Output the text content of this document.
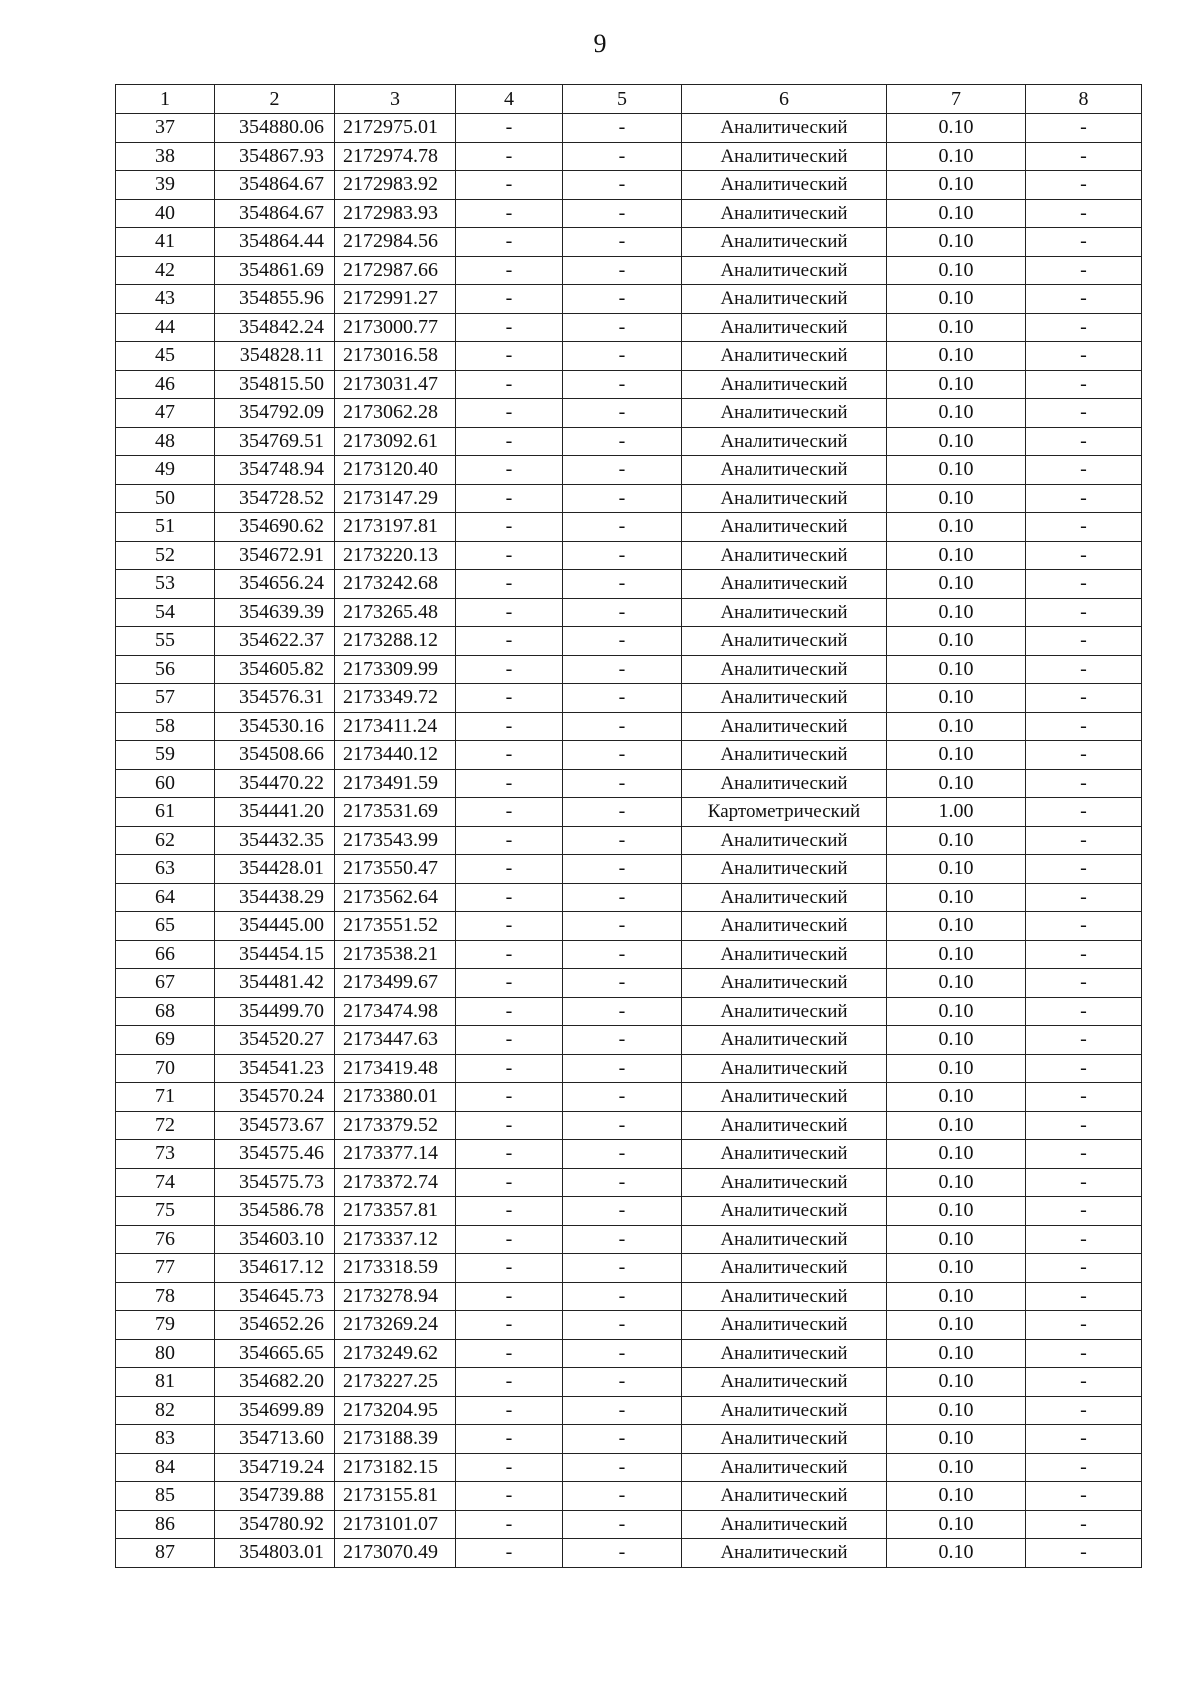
9
1	2	3	4	5	6	7	8
37	354880.06	2172975.01	-	-	Аналитический	0.10	-
38	354867.93	2172974.78	-	-	Аналитический	0.10	-
39	354864.67	2172983.92	-	-	Аналитический	0.10	-
40	354864.67	2172983.93	-	-	Аналитический	0.10	-
41	354864.44	2172984.56	-	-	Аналитический	0.10	-
42	354861.69	2172987.66	-	-	Аналитический	0.10	-
43	354855.96	2172991.27	-	-	Аналитический	0.10	-
44	354842.24	2173000.77	-	-	Аналитический	0.10	-
45	354828.11	2173016.58	-	-	Аналитический	0.10	-
46	354815.50	2173031.47	-	-	Аналитический	0.10	-
47	354792.09	2173062.28	-	-	Аналитический	0.10	-
48	354769.51	2173092.61	-	-	Аналитический	0.10	-
49	354748.94	2173120.40	-	-	Аналитический	0.10	-
50	354728.52	2173147.29	-	-	Аналитический	0.10	-
51	354690.62	2173197.81	-	-	Аналитический	0.10	-
52	354672.91	2173220.13	-	-	Аналитический	0.10	-
53	354656.24	2173242.68	-	-	Аналитический	0.10	-
54	354639.39	2173265.48	-	-	Аналитический	0.10	-
55	354622.37	2173288.12	-	-	Аналитический	0.10	-
56	354605.82	2173309.99	-	-	Аналитический	0.10	-
57	354576.31	2173349.72	-	-	Аналитический	0.10	-
58	354530.16	2173411.24	-	-	Аналитический	0.10	-
59	354508.66	2173440.12	-	-	Аналитический	0.10	-
60	354470.22	2173491.59	-	-	Аналитический	0.10	-
61	354441.20	2173531.69	-	-	Картометрический	1.00	-
62	354432.35	2173543.99	-	-	Аналитический	0.10	-
63	354428.01	2173550.47	-	-	Аналитический	0.10	-
64	354438.29	2173562.64	-	-	Аналитический	0.10	-
65	354445.00	2173551.52	-	-	Аналитический	0.10	-
66	354454.15	2173538.21	-	-	Аналитический	0.10	-
67	354481.42	2173499.67	-	-	Аналитический	0.10	-
68	354499.70	2173474.98	-	-	Аналитический	0.10	-
69	354520.27	2173447.63	-	-	Аналитический	0.10	-
70	354541.23	2173419.48	-	-	Аналитический	0.10	-
71	354570.24	2173380.01	-	-	Аналитический	0.10	-
72	354573.67	2173379.52	-	-	Аналитический	0.10	-
73	354575.46	2173377.14	-	-	Аналитический	0.10	-
74	354575.73	2173372.74	-	-	Аналитический	0.10	-
75	354586.78	2173357.81	-	-	Аналитический	0.10	-
76	354603.10	2173337.12	-	-	Аналитический	0.10	-
77	354617.12	2173318.59	-	-	Аналитический	0.10	-
78	354645.73	2173278.94	-	-	Аналитический	0.10	-
79	354652.26	2173269.24	-	-	Аналитический	0.10	-
80	354665.65	2173249.62	-	-	Аналитический	0.10	-
81	354682.20	2173227.25	-	-	Аналитический	0.10	-
82	354699.89	2173204.95	-	-	Аналитический	0.10	-
83	354713.60	2173188.39	-	-	Аналитический	0.10	-
84	354719.24	2173182.15	-	-	Аналитический	0.10	-
85	354739.88	2173155.81	-	-	Аналитический	0.10	-
86	354780.92	2173101.07	-	-	Аналитический	0.10	-
87	354803.01	2173070.49	-	-	Аналитический	0.10	-
